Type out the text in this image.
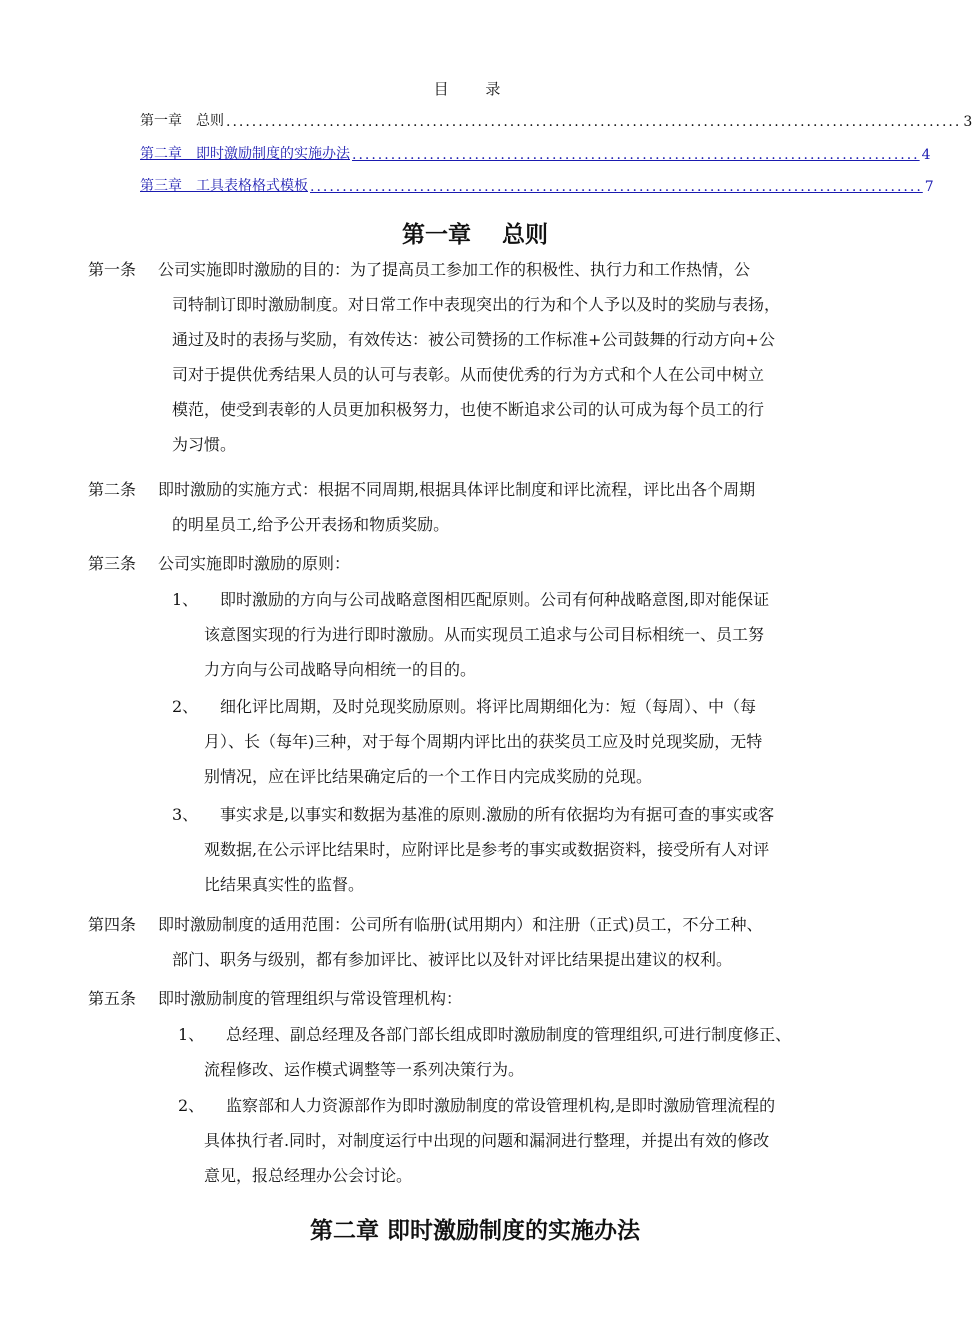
目 录
第一章　总则 .................................................................................................................. 3
第二章　即时激励制度的实施办法 ........................................................................................ 4
第三章　工具表格格式模板 ............................................................................................... 7
第一章　 总则
第一条 公司实施即时激励的目的：为了提高员工参加工作的积极性、执行力和工作热情，公
司特制订即时激励制度。对日常工作中表现突出的行为和个人予以及时的奖励与表扬，
通过及时的表扬与奖励，有效传达：被公司赞扬的工作标准+公司鼓舞的行动方向+公
司对于提供优秀结果人员的认可与表彰。从而使优秀的行为方式和个人在公司中树立
模范，使受到表彰的人员更加积极努力，也使不断追求公司的认可成为每个员工的行
为习惯。
第二条 即时激励的实施方式：根据不同周期,根据具体评比制度和评比流程，评比出各个周期
的明星员工,给予公开表扬和物质奖励。
第三条 公司实施即时激励的原则：
1、 即时激励的方向与公司战略意图相匹配原则。公司有何种战略意图,即对能保证
该意图实现的行为进行即时激励。从而实现员工追求与公司目标相统一、员工努
力方向与公司战略导向相统一的目的。
2、 细化评比周期，及时兑现奖励原则。将评比周期细化为：短（每周）、中（每
月）、长（每年)三种，对于每个周期内评比出的获奖员工应及时兑现奖励，无特
别情况，应在评比结果确定后的一个工作日内完成奖励的兑现。
3、 事实求是,以事实和数据为基准的原则.激励的所有依据均为有据可查的事实或客
观数据,在公示评比结果时，应附评比是参考的事实或数据资料，接受所有人对评
比结果真实性的监督。
第四条 即时激励制度的适用范围：公司所有临册(试用期内）和注册（正式)员工，不分工种、
部门、职务与级别，都有参加评比、被评比以及针对评比结果提出建议的权利。
第五条 即时激励制度的管理组织与常设管理机构：
1、 总经理、副总经理及各部门部长组成即时激励制度的管理组织,可进行制度修正、
流程修改、运作模式调整等一系列决策行为。
2、 监察部和人力资源部作为即时激励制度的常设管理机构,是即时激励管理流程的
具体执行者.同时，对制度运行中出现的问题和漏洞进行整理，并提出有效的修改
意见，报总经理办公会讨论。
第二章 即时激励制度的实施办法
